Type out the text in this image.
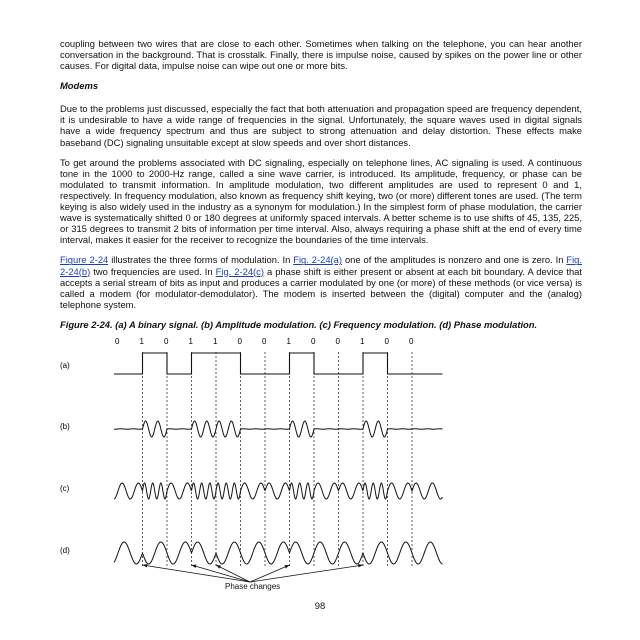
coupling between two wires that are close to each other. Sometimes when talking on the telephone, you can hear another conversation in the background. That is crosstalk. Finally, there is impulse noise, caused by spikes on the power line or other causes. For digital data, impulse noise can wipe out one or more bits.

Modems

Due to the problems just discussed, especially the fact that both attenuation and propagation speed are frequency dependent, it is undesirable to have a wide range of frequencies in the signal. Unfortunately, the square waves used in digital signals have a wide frequency spectrum and thus are subject to strong attenuation and delay distortion. These effects make baseband (DC) signaling unsuitable except at slow speeds and over short distances.

To get around the problems associated with DC signaling, especially on telephone lines, AC signaling is used. A continuous tone in the 1000 to 2000-Hz range, called a sine wave carrier, is introduced. Its amplitude, frequency, or phase can be modulated to transmit information. In amplitude modulation, two different amplitudes are used to represent 0 and 1, respectively. In frequency modulation, also known as frequency shift keying, two (or more) different tones are used. (The term keying is also widely used in the industry as a synonym for modulation.) In the simplest form of phase modulation, the carrier wave is systematically shifted 0 or 180 degrees at uniformly spaced intervals. A better scheme is to use shifts of 45, 135, 225, or 315 degrees to transmit 2 bits of information per time interval. Also, always requiring a phase shift at the end of every time interval, makes it easier for the receiver to recognize the boundaries of the time intervals.

Figure 2-24 illustrates the three forms of modulation. In Fig. 2-24(a) one of the amplitudes is nonzero and one is zero. In Fig. 2-24(b) two frequencies are used. In Fig. 2-24(c) a phase shift is either present or absent at each bit boundary. A device that accepts a serial stream of bits as input and produces a carrier modulated by one (or more) of these methods (or vice versa) is called a modem (for modulator-demodulator). The modem is inserted between the (digital) computer and the (analog) telephone system.

Figure 2-24. (a) A binary signal. (b) Amplitude modulation. (c) Frequency modulation. (d) Phase modulation.
0	1	0	1	1	0	0	1	0	0	1	0	0
(a)
(b)
(c)
(d)
Phase changes
98
